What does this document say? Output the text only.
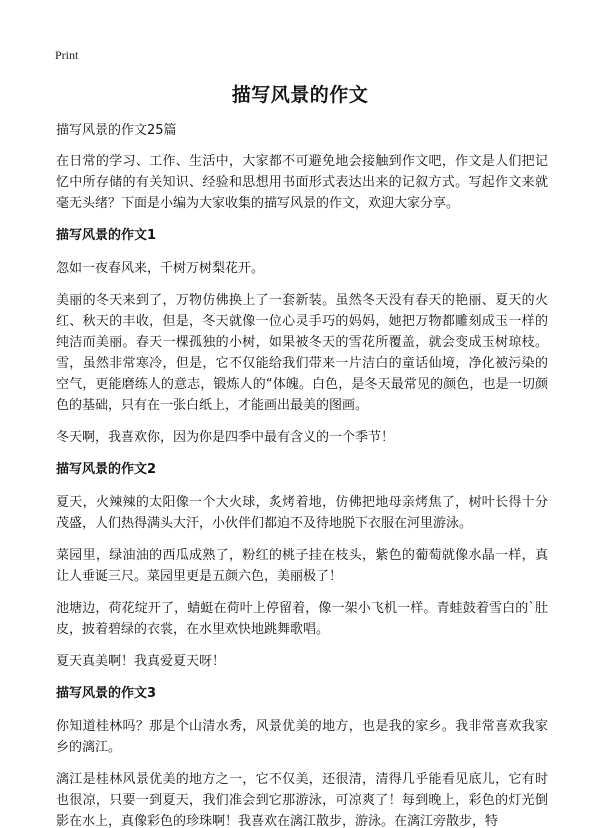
Print
描写风景的作文

描写风景的作文25篇

在日常的学习、工作、生活中，大家都不可避免地会接触到作文吧，作文是人们把记忆中所存储的有关知识、经验和思想用书面形式表达出来的记叙方式。写起作文来就毫无头绪？下面是小编为大家收集的描写风景的作文，欢迎大家分享。

描写风景的作文1

忽如一夜春风来，千树万树梨花开。

美丽的冬天来到了，万物仿佛换上了一套新装。虽然冬天没有春天的艳丽、夏天的火红、秋天的丰收，但是，冬天就像一位心灵手巧的妈妈，她把万物都雕刻成玉一样的纯洁而美丽。春天一棵孤独的小树，如果被冬天的雪花所覆盖，就会变成玉树琼枝。雪，虽然非常寒冷，但是，它不仅能给我们带来一片洁白的童话仙境，净化被污染的空气，更能磨练人的意志，锻炼人的“体魄。白色，是冬天最常见的颜色，也是一切颜色的基础，只有在一张白纸上，才能画出最美的图画。

冬天啊，我喜欢你，因为你是四季中最有含义的一个季节！

描写风景的作文2

夏天，火辣辣的太阳像一个大火球，炙烤着地，仿佛把地母亲烤焦了，树叶长得十分茂盛，人们热得满头大汗，小伙伴们都迫不及待地脱下衣服在河里游泳。

菜园里，绿油油的西瓜成熟了，粉红的桃子挂在枝头，紫色的葡萄就像水晶一样，真让人垂诞三尺。菜园里更是五颜六色，美丽极了！

池塘边，荷花绽开了，蜻蜓在荷叶上停留着，像一架小飞机一样。青蛙鼓着雪白的`肚皮，披着碧绿的衣裳，在水里欢快地跳舞歌唱。

夏天真美啊！我真爱夏天呀！

描写风景的作文3

你知道桂林吗？那是个山清水秀，风景优美的地方，也是我的家乡。我非常喜欢我家乡的漓江。

漓江是桂林风景优美的地方之一，它不仅美，还很清，清得几乎能看见底儿，它有时也很凉，只要一到夏天，我们准会到它那游泳，可凉爽了！每到晚上，彩色的灯光倒影在水上，真像彩色的珍珠啊！我喜欢在漓江散步，游泳。在漓江旁散步，特
